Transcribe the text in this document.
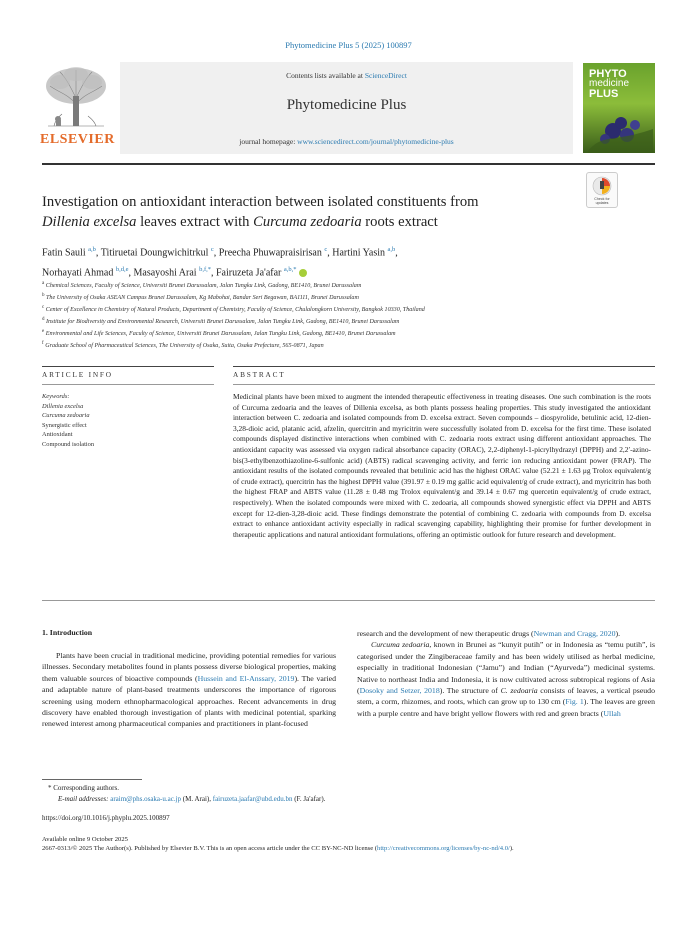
Phytomedicine Plus 5 (2025) 100897
Contents lists available at ScienceDirect
Phytomedicine Plus
journal homepage: www.sciencedirect.com/journal/phytomedicine-plus
ELSEVIER
PHYTO
medicine
PLUS
Investigation on antioxidant interaction between isolated constituents from
Dillenia excelsa leaves extract with Curcuma zedoaria roots extract
Check for
updates
Fatin Sauli $^{a,b}$, Titiruetai Doungwichitrkul $^c$, Preecha Phuwapraisirisan $^c$, Hartini Yasin $^{a,b}$,
Norhayati Ahmad $^{b,d,e}$, Masayoshi Arai $^{b,f,*}$, Fairuzeta Ja'afar $^{a,b,*}$
$^a$ Chemical Sciences, Faculty of Science, Universiti Brunei Darussalam, Jalan Tungku Link, Gadong, BE1410, Brunei Darussalam
$^b$ The University of Osaka ASEAN Campus Brunei Darussalam, Kg Mabohai, Bandar Seri Begawan, BA1111, Brunei Darussalam
$^c$ Center of Excellence in Chemistry of Natural Products, Department of Chemistry, Faculty of Science, Chulalongkorn University, Bangkok 10330, Thailand
$^d$ Institute for Biodiversity and Environmental Research, Universiti Brunei Darussalam, Jalan Tungku Link, Gadong, BE1410, Brunei Darussalam
$^e$ Environmental and Life Sciences, Faculty of Science, Universiti Brunei Darussalam, Jalan Tungku Link, Gadong, BE1410, Brunei Darussalam
$^f$ Graduate School of Pharmaceutical Sciences, The University of Osaka, Suita, Osaka Prefecture, 565-0871, Japan
ARTICLE INFO	ABSTRACT
Keywords:
Dillenia excelsa
Curcuma zedoaria
Synergistic effect
Antioxidant
Compound isolation
Medicinal plants have been mixed to augment the intended therapeutic effectiveness in treating diseases. One such combination is the roots of Curcuma zedoaria and the leaves of Dillenia excelsa, as both plants possess healing properties. This study investigated the antioxidant interaction between C. zedoaria and isolated compounds from D. excelsa extract. Seven compounds – diospyrolide, betulinic acid, 12-dien-3,28-dioic acid, platanic acid, afzelin, quercitrin and myricitrin were successfully isolated from D. excelsa for the first time. These isolated compounds displayed distinctive interactions when combined with C. zedoaria roots extract using different antioxidant approaches. The antioxidant capacity was assessed via oxygen radical absorbance capacity (ORAC), 2,2-diphenyl-1-picrylhydrazyl (DPPH) and 2,2′-azino-bis(3-ethylbenzothiazoline-6-sulfonic acid) (ABTS) radical scavenging activity, and ferric ion reducing antioxidant power (FRAP). The antioxidant results of the isolated compounds revealed that betulinic acid has the highest ORAC value (52.21 ± 1.63 μg Trolox equivalent/g of crude extract), quercitrin has the highest DPPH value (391.97 ± 0.19 mg gallic acid equivalent/g of crude extract), and myricitrin has both the highest FRAP and ABTS value (11.28 ± 0.48 mg Trolox equivalent/g and 39.14 ± 0.67 mg quercetin equivalent/g of crude extract, respectively). When the isolated compounds were mixed with C. zedoaria, all compounds showed synergistic effect via DPPH and ABTS except for 12-dien-3,28-dioic acid. These findings demonstrate the potential of combining C. zedoaria with compounds from D. excelsa extract to enhance antioxidant activity especially in radical scavenging capability, highlighting their promise for further development in therapeutic applications and natural antioxidant formulations, offering an optimistic outlook for future research and development.
1. Introduction
Plants have been crucial in traditional medicine, providing potential remedies for various illnesses. Secondary metabolites found in plants possess diverse biological properties, making them valuable sources of bioactive compounds (Hussein and El-Anssary, 2019). The varied and adaptable nature of plant-based treatments underscores the importance of rigorous screening using modern ethnopharmacological approaches. Recent advancements in drug discovery have enabled thorough investigation of plants with medicinal potential, sparking renewed interest among pharmaceutical companies and practitioners in plant-focused
research and the development of new therapeutic drugs (Newman and Cragg, 2020).
Curcuma zedoaria, known in Brunei as “kunyit putih” or in Indonesia as “temu putih”, is categorised under the Zingiberaceae family and has been widely utilised as herbal medicine, especially in traditional Indonesian (“Jamu”) and Indian (“Ayurveda”) medicinal systems. Native to northeast India and Indonesia, it is now cultivated across subtropical regions of Asia (Dosoky and Setzer, 2018). The structure of C. zedoaria consists of leaves, a vertical pseudo stem, a corm, rhizomes, and roots, which can grow up to 130 cm (Fig. 1). The leaves are green with a purple centre and have bright yellow flowers with red and green bracts (Ullah
* Corresponding authors.
E-mail addresses: araim@phs.osaka-u.ac.jp (M. Arai), fairuzeta.jaafar@ubd.edu.bn (F. Ja'afar).
https://doi.org/10.1016/j.phyplu.2025.100897
Available online 9 October 2025
2667-0313/© 2025 The Author(s). Published by Elsevier B.V. This is an open access article under the CC BY-NC-ND license (http://creativecommons.org/licenses/by-nc-nd/4.0/).
